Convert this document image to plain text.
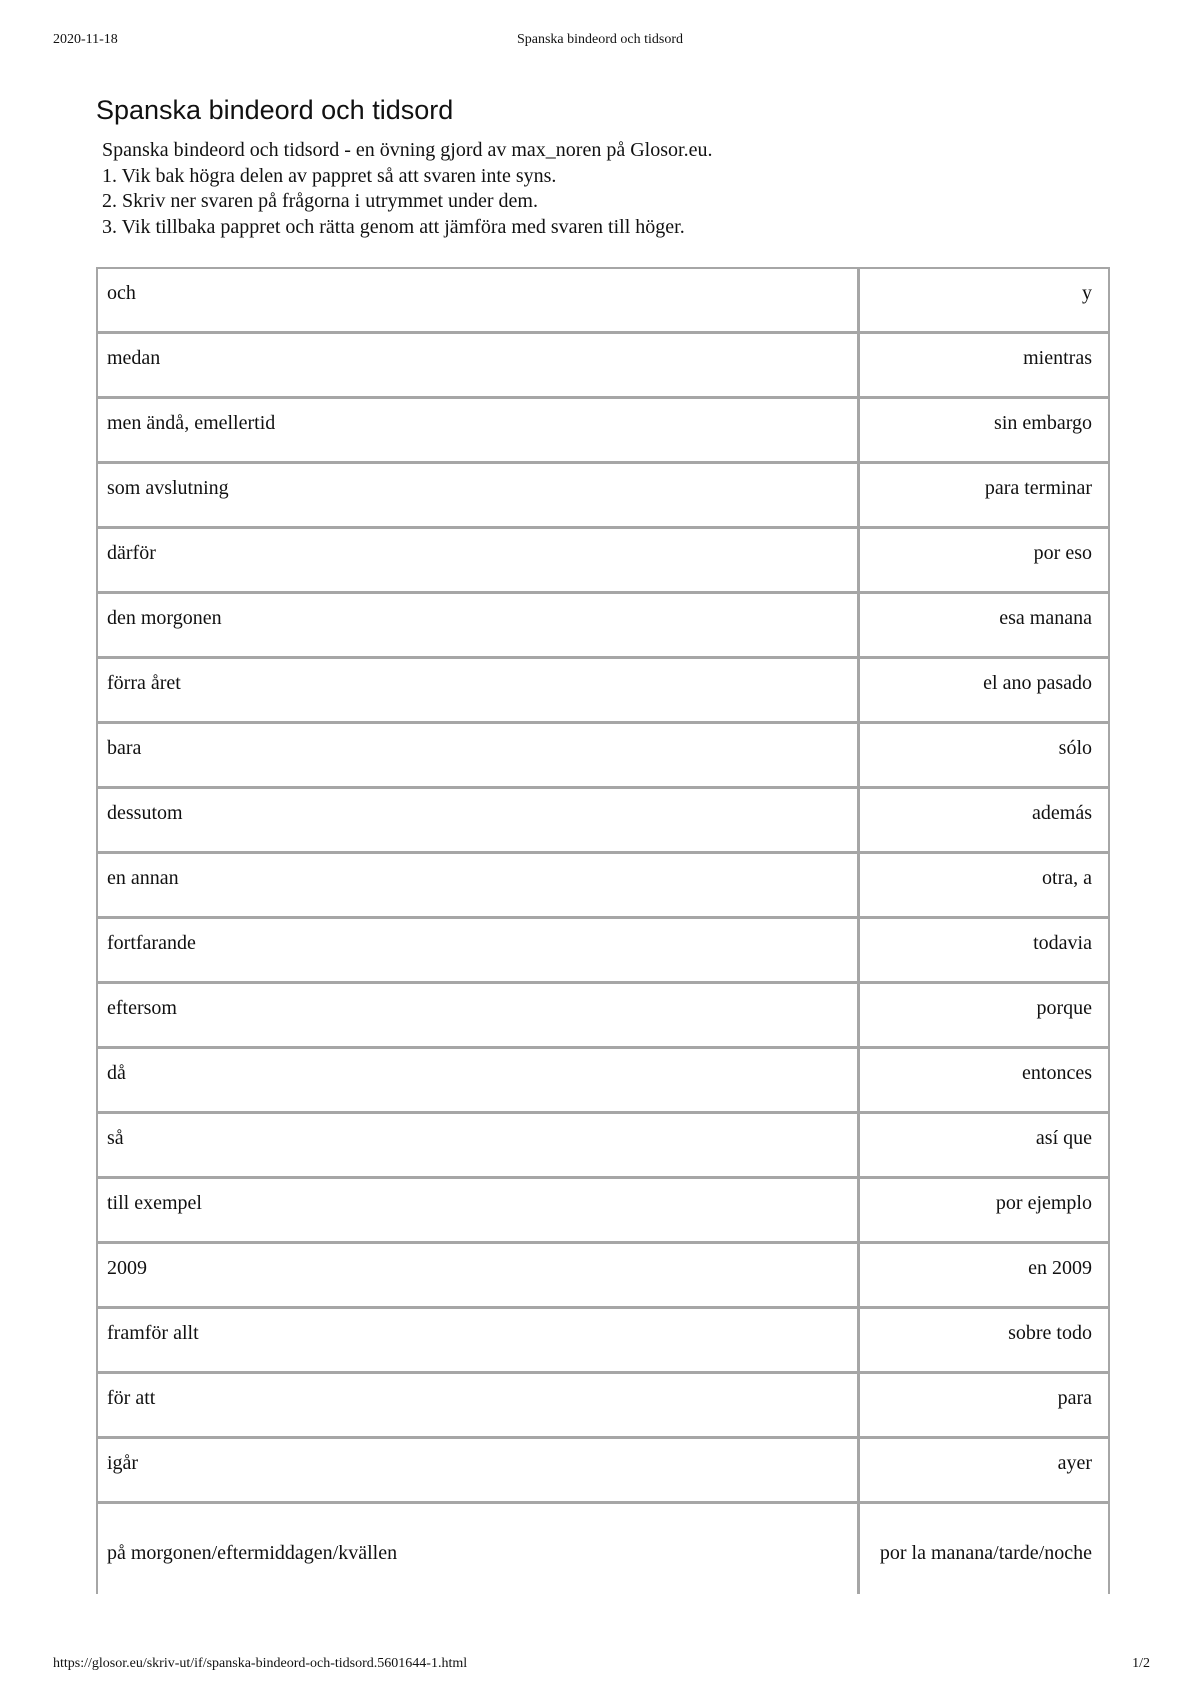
2020-11-18	Spanska bindeord och tidsord
Spanska bindeord och tidsord
Spanska bindeord och tidsord - en övning gjord av max_noren på Glosor.eu.
1. Vik bak högra delen av pappret så att svaren inte syns.
2. Skriv ner svaren på frågorna i utrymmet under dem.
3. Vik tillbaka pappret och rätta genom att jämföra med svaren till höger.
och	y
medan	mientras
men ändå, emellertid	sin embargo
som avslutning	para terminar
därför	por eso
den morgonen	esa manana
förra året	el ano pasado
bara	sólo
dessutom	además
en annan	otra, a
fortfarande	todavia
eftersom	porque
då	entonces
så	así que
till exempel	por ejemplo
2009	en 2009
framför allt	sobre todo
för att	para
igår	ayer
på morgonen/eftermiddagen/kvällen	por la manana/tarde/noche
https://glosor.eu/skriv-ut/if/spanska-bindeord-och-tidsord.5601644-1.html	1/2
